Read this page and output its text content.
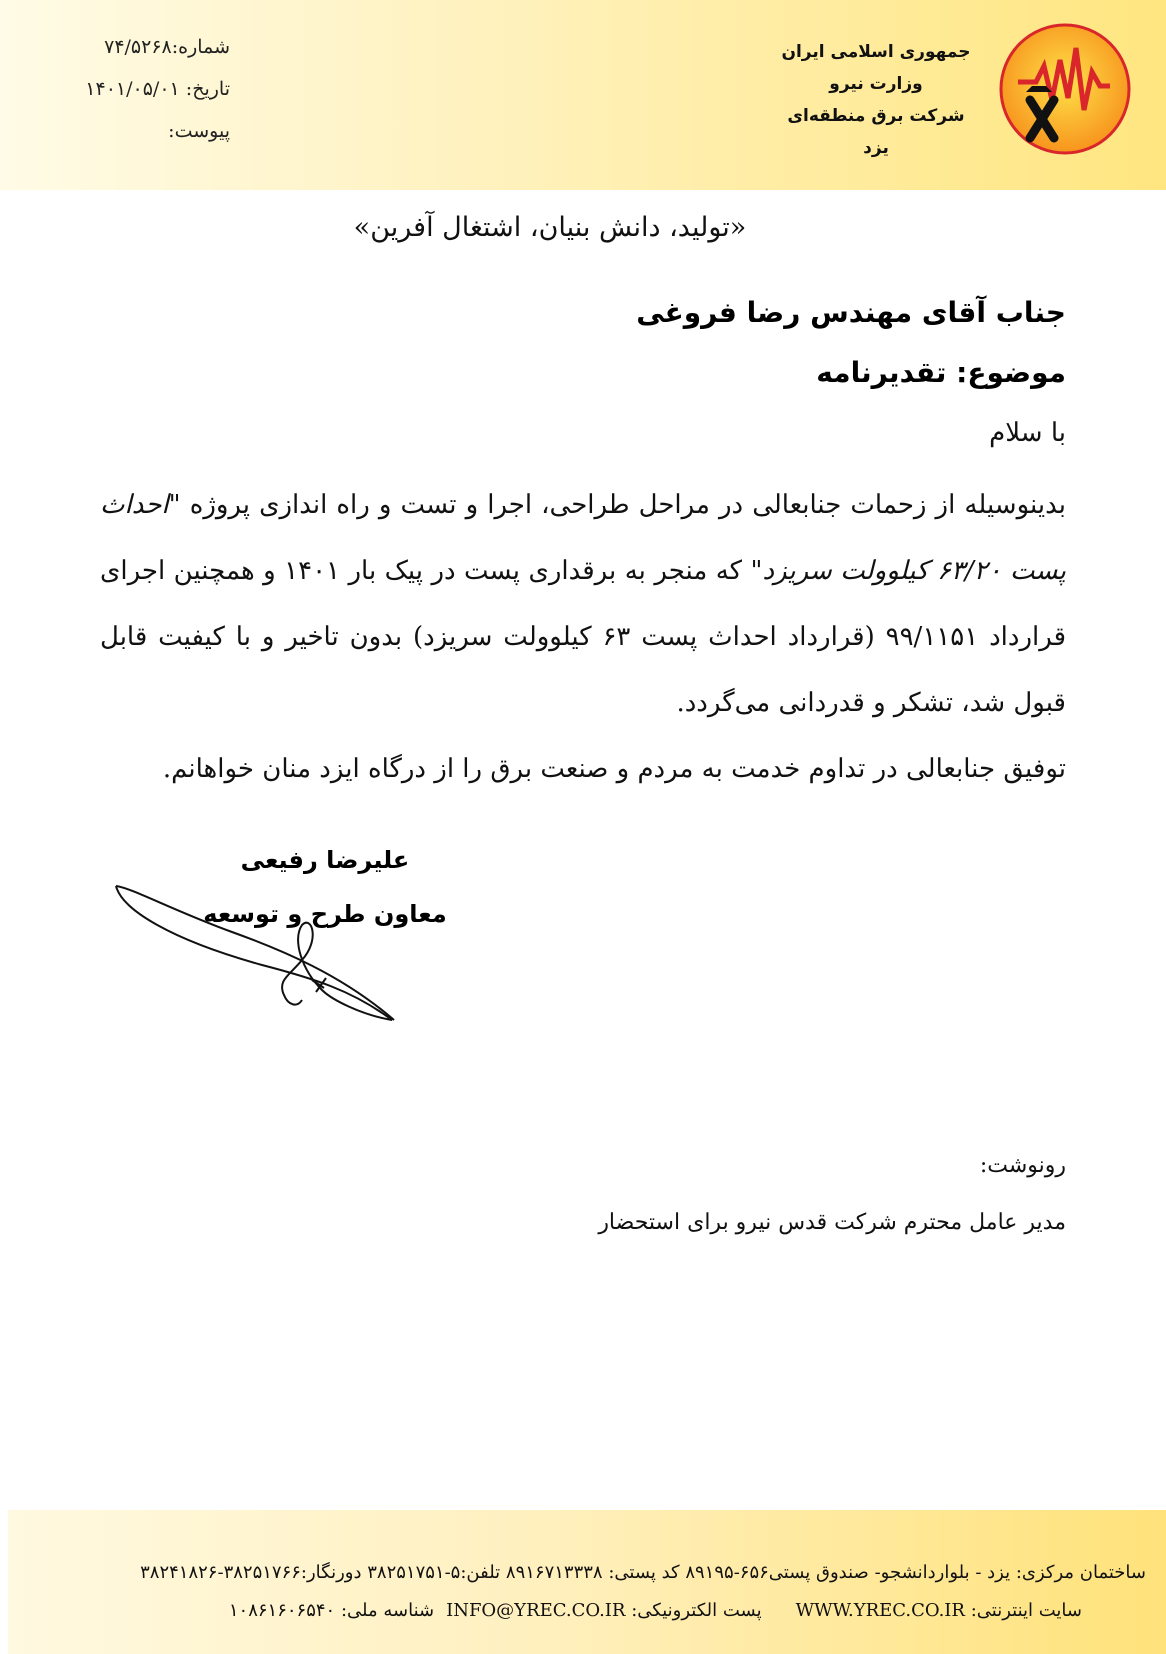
جمهوری اسلامی ایران
وزارت نیرو
شرکت برق منطقه‌ای یزد
شماره:۷۴/۵۲۶۸
تاریخ: ۱۴۰۱/۰۵/۰۱
پیوست:
«تولید، دانش بنیان، اشتغال آفرین»
جناب آقای مهندس رضا فروغی
موضوع: تقدیرنامه
با سلام

بدینوسیله از زحمات جنابعالی در مراحل طراحی، اجرا و تست و راه اندازی پروژه "احداث پست ۶۳/۲۰ کیلوولت سریزد" که منجر به برقداری پست در پیک بار ۱۴۰۱ و همچنین اجرای قرارداد ۹۹/۱۱۵۱ (قرارداد احداث پست ۶۳ کیلوولت سریزد) بدون تاخیر و با کیفیت قابل قبول شد، تشکر و قدردانی می‌گردد.

توفیق جنابعالی در تداوم خدمت به مردم و صنعت برق را از درگاه ایزد منان خواهانم.

علیرضا رفیعی
معاون طرح و توسعه
رونوشت:
مدیر عامل محترم شرکت قدس نیرو برای استحضار
ساختمان مرکزی: یزد - بلواردانشجو- صندوق پستی۶۵۶-۸۹۱۹۵ کد پستی: ۸۹۱۶۷۱۳۳۳۸ تلفن:۵-۳۸۲۵۱۷۵۱ دورنگار:۳۸۲۵۱۷۶۶-۳۸۲۴۱۸۲۶
سایت اینترنتی: WWW.YREC.CO.IRپست الکترونیکی: INFO@YREC.CO.IRشناسه ملی: ۱۰۸۶۱۶۰۶۵۴۰
